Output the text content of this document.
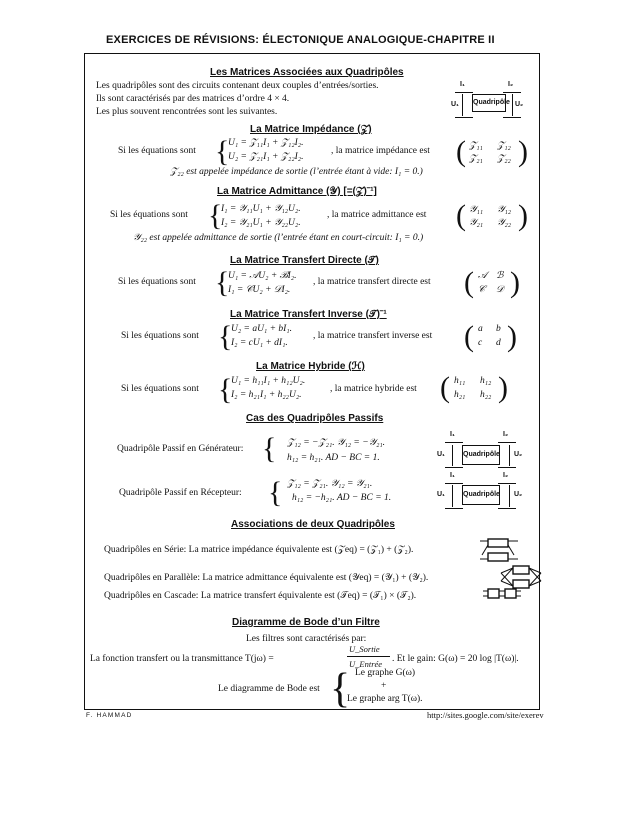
EXERCICES DE RÉVISIONS: ÉLECTONIQUE ANALOGIQUE-CHAPITRE II
Les Matrices Associées aux Quadripôles
Les quadripôles sont des circuits contenant deux couples d’entrées/sorties.
Ils sont caractérisés par des matrices d’ordre 4 × 4.
Les plus souvent rencontrées sont les suivantes.
I₁	I₂
Quadripôle
U₁	U₂
La Matrice Impédance (𝒵)
Si les équations sont {
U₁ = 𝒵₁₁I₁ + 𝒵₁₂I₂.
U₂ = 𝒵₂₁I₁ + 𝒵₂₂I₂.
, la matrice impédance est ( 𝒵₁₁ 𝒵₁₂
𝒵₂₁ 𝒵₂₂ )
𝒵₂₂ est appelée impédance de sortie (l’entrée étant à vide: I₁ = 0.)
La Matrice Admittance (𝒴) [=(𝒵)⁻¹]
Si les équations sont {
I₁ = 𝒴₁₁U₁ + 𝒴₁₂U₂.
I₂ = 𝒴₂₁U₁ + 𝒴₂₂U₂.
, la matrice admittance est ( 𝒴₁₁ 𝒴₁₂
𝒴₂₁ 𝒴₂₂ )
𝒴₂₂ est appelée admittance de sortie (l’entrée étant en court-circuit: I₁ = 0.)
La Matrice Transfert Directe (𝒯)
Si les équations sont {
U₁ = 𝒜U₂ + ℬI₂.
I₁ = 𝒞U₂ + 𝒟I₂.
, la matrice transfert directe est ( 𝒜 ℬ
𝒞 𝒟 )
La Matrice Transfert Inverse (𝒯)⁻¹
Si les équations sont {
U₂ = aU₁ + bI₁.
I₂ = cU₁ + dI₁.
, la matrice transfert inverse est ( a b
c d )
La Matrice Hybride (ℋ)
Si les équations sont {
U₁ = h₁₁I₁ + h₁₂U₂.
I₂ = h₂₁I₁ + h₂₂U₂.
, la matrice hybride est ( h₁₁ h₁₂
h₂₁ h₂₂ )
Cas des Quadripôles Passifs
Quadripôle Passif en Générateur: { 𝒵₁₂ = −𝒵₂₁. 𝒴₁₂ = −𝒴₂₁.
h₁₂ = h₂₁. AD − BC = 1.
Quadripôle Passif en Récepteur: { 𝒵₁₂ = 𝒵₂₁. 𝒴₁₂ = 𝒴₂₁.
h₁₂ = −h₂₁. AD − BC = 1.
I₁	I₂
Quadripôle
U₁	U₂
I₁	I₂
Quadripôle
U₁	U₂
Associations de deux Quadripôles
Quadripôles en Série: La matrice impédance équivalente est (𝒵eq) = (𝒵₁) + (𝒵₂).
Quadripôles en Parallèle: La matrice admittance équivalente est (𝒴eq) = (𝒴₁) + (𝒴₂).
Quadripôles en Cascade: La matrice transfert équivalente est (𝒯eq) = (𝒯₁) × (𝒯₂).
Diagramme de Bode d’un Filtre
Les filtres sont caractérisés par:
La fonction transfert ou la transmittance T(jω) =
U_Sortie
U_Entrée . Et le gain: G(ω) = 20 log |T(ω)|.
Le diagramme de Bode est { Le graphe G(ω)
+
Le graphe arg T(ω).
F. HAMMAD	http://sites.google.com/site/exerev
